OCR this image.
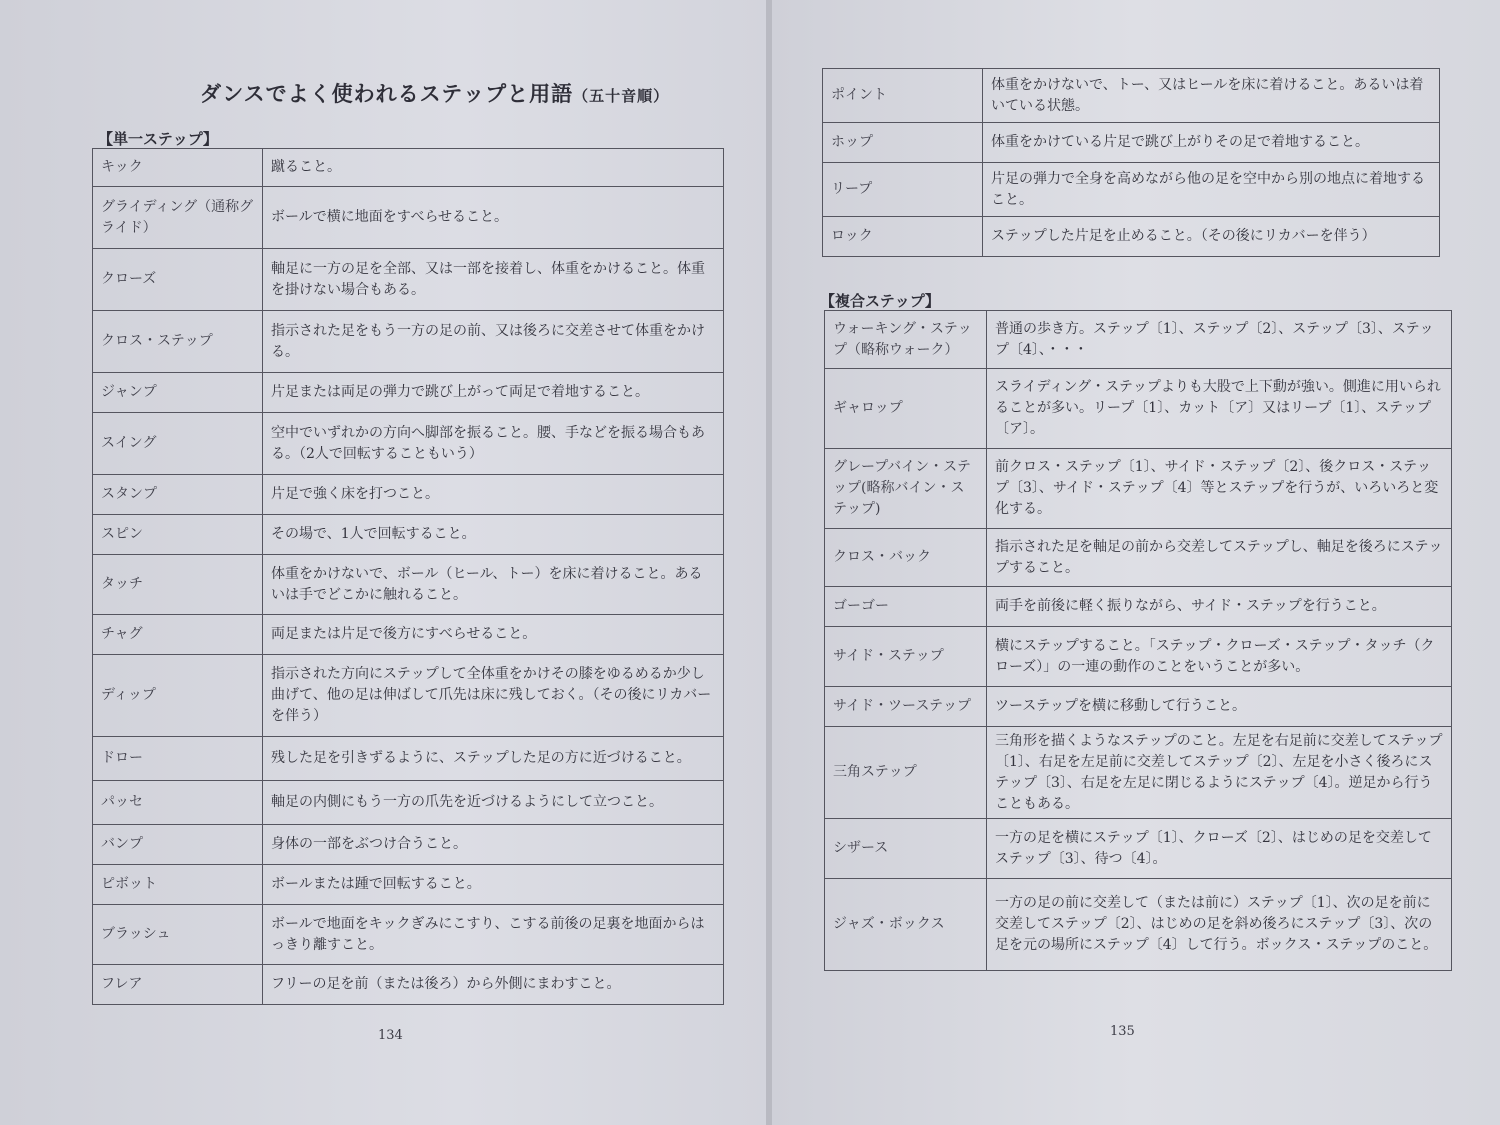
ダンスでよく使われるステップと用語（五十音順）
【単一ステップ】
キック	蹴ること。
グライディング（通称グライド）	ボールで横に地面をすべらせること。
クローズ	軸足に一方の足を全部、又は一部を接着し、体重をかけること。体重を掛けない場合もある。
クロス・ステップ	指示された足をもう一方の足の前、又は後ろに交差させて体重をかける。
ジャンプ	片足または両足の弾力で跳び上がって両足で着地すること。
スイング	空中でいずれかの方向へ脚部を振ること。腰、手などを振る場合もある。（2人で回転することもいう）
スタンプ	片足で強く床を打つこと。
スピン	その場で、1人で回転すること。
タッチ	体重をかけないで、ボール（ヒール、トー）を床に着けること。あるいは手でどこかに触れること。
チャグ	両足または片足で後方にすべらせること。
ディップ	指示された方向にステップして全体重をかけその膝をゆるめるか少し曲げて、他の足は伸ばして爪先は床に残しておく。（その後にリカバーを伴う）
ドロー	残した足を引きずるように、ステップした足の方に近づけること。
パッセ	軸足の内側にもう一方の爪先を近づけるようにして立つこと。
バンプ	身体の一部をぶつけ合うこと。
ピボット	ボールまたは踵で回転すること。
ブラッシュ	ボールで地面をキックぎみにこすり、こする前後の足裏を地面からはっきり離すこと。
フレア	フリーの足を前（または後ろ）から外側にまわすこと。
134
ポイント	体重をかけないで、トー、又はヒールを床に着けること。あるいは着いている状態。
ホップ	体重をかけている片足で跳び上がりその足で着地すること。
リープ	片足の弾力で全身を高めながら他の足を空中から別の地点に着地すること。
ロック	ステップした片足を止めること。（その後にリカバーを伴う）
【複合ステップ】
ウォーキング・ステップ（略称ウォーク）	普通の歩き方。ステップ〔1〕、ステップ〔2〕、ステップ〔3〕、ステップ〔4〕、・・・
ギャロップ	スライディング・ステップよりも大股で上下動が強い。側進に用いられることが多い。リープ〔1〕、カット〔ア〕又はリープ〔1〕、ステップ〔ア〕。
グレープバイン・ステップ(略称バイン・ステップ)	前クロス・ステップ〔1〕、サイド・ステップ〔2〕、後クロス・ステップ〔3〕、サイド・ステップ〔4〕等とステップを行うが、いろいろと変化する。
クロス・バック	指示された足を軸足の前から交差してステップし、軸足を後ろにステップすること。
ゴーゴー	両手を前後に軽く振りながら、サイド・ステップを行うこと。
サイド・ステップ	横にステップすること。「ステップ・クローズ・ステップ・タッチ（クローズ）」の一連の動作のことをいうことが多い。
サイド・ツーステップ	ツーステップを横に移動して行うこと。
三角ステップ	三角形を描くようなステップのこと。左足を右足前に交差してステップ〔1〕、右足を左足前に交差してステップ〔2〕、左足を小さく後ろにステップ〔3〕、右足を左足に閉じるようにステップ〔4〕。逆足から行うこともある。
シザース	一方の足を横にステップ〔1〕、クローズ〔2〕、はじめの足を交差してステップ〔3〕、待つ〔4〕。
ジャズ・ボックス	一方の足の前に交差して（または前に）ステップ〔1〕、次の足を前に交差してステップ〔2〕、はじめの足を斜め後ろにステップ〔3〕、次の足を元の場所にステップ〔4〕して行う。ボックス・ステップのこと。
135
